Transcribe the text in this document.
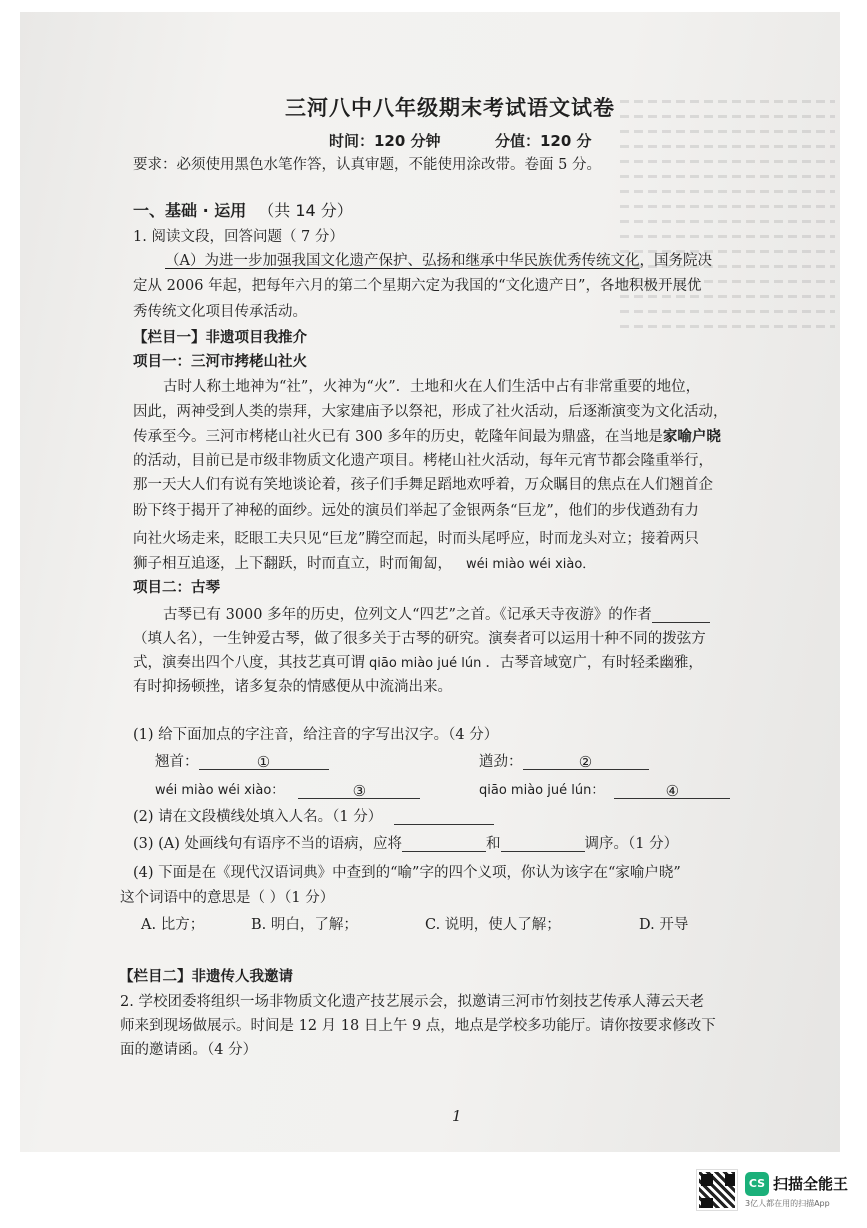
三河八中八年级期末考试语文试卷
时间：120 分钟	分值：120 分
要求：必须使用黑色水笔作答，认真审题，不能使用涂改带。卷面 5 分。
一、基础 · 运用 （共 14 分）
1. 阅读文段，回答问题（ 7 分）
（A）为进一步加强我国文化遗产保护、弘扬和继承中华民族优秀传统文化，国务院决
定从 2006 年起，把每年六月的第二个星期六定为我国的“文化遗产日”，各地积极开展优
秀传统文化项目传承活动。
【栏目一】非遗项目我推介
项目一：三河市拷栳山社火
古时人称土地神为“社”，火神为“火”．土地和火在人们生活中占有非常重要的地位，
因此，两神受到人类的崇拜，大家建庙予以祭祀，形成了社火活动，后逐渐演变为文化活动，
传承至今。三河市栲栳山社火已有 300 多年的历史，乾隆年间最为鼎盛，在当地是家喻户晓
的活动，目前已是市级非物质文化遗产项目。栲栳山社火活动，每年元宵节都会隆重举行，
那一天大人们有说有笑地谈论着，孩子们手舞足蹈地欢呼着，万众瞩目的焦点在人们翘首企
盼下终于揭开了神秘的面纱。远处的演员们举起了金银两条“巨龙”，他们的步伐遒劲有力
向社火场走来，眨眼工夫只见“巨龙”腾空而起，时而头尾呼应，时而龙头对立；接着两只
狮子相互追逐，上下翻跃，时而直立，时而匍匐， wéi miào wéi xiào．
项目二：古琴
古琴已有 3000 多年的历史，位列文人“四艺”之首。《记承天寺夜游》的作者
（填人名），一生钟爱古琴，做了很多关于古琴的研究。演奏者可以运用十种不同的拨弦方
式，演奏出四个八度，其技艺真可谓 qiāo miào jué lún ．古琴音域宽广，有时轻柔幽雅，
有时抑扬顿挫，诸多复杂的情感便从中流淌出来。
(1) 给下面加点的字注音，给注音的字写出汉字。（4 分）
翘首：	①	遒劲：	②
wéi miào wéi xiào：	③	qiāo miào jué lún：	④
(2) 请在文段横线处填入人名。（1 分）
(3) (A) 处画线句有语序不当的语病，应将	和	调序。（1 分）
(4) 下面是在《现代汉语词典》中查到的“喻”字的四个义项，你认为该字在“家喻户晓”
这个词语中的意思是（ ）（1 分）
A. 比方；	B. 明白，了解；	C. 说明，使人了解；	D. 开导
【栏目二】非遗传人我邀请
2. 学校团委将组织一场非物质文化遗产技艺展示会，拟邀请三河市竹刻技艺传承人薄云天老
师来到现场做展示。时间是 12 月 18 日上午 9 点，地点是学校多功能厅。请你按要求修改下
面的邀请函。（4 分）
1
CS 扫描全能王
3亿人都在用的扫描App
